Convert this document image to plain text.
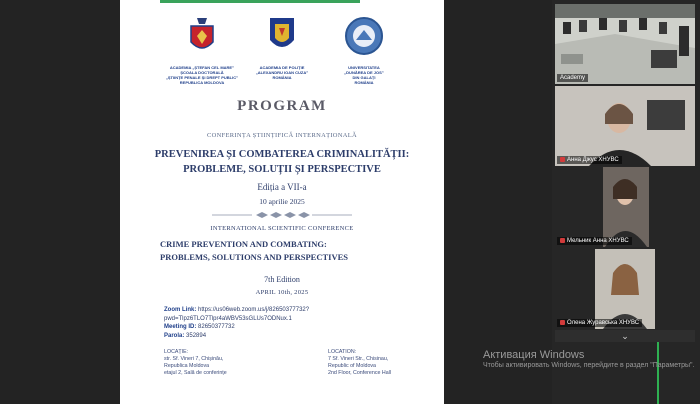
ACADEMIA „ȘTEFAN CEL MARE”
ȘCOALA DOCTORALĂ
„ȘTIINȚE PENALE ȘI DREPT PUBLIC”
REPUBLICA MOLDOVA
ACADEMIA DE POLIȚIE
„ALEXANDRU IOAN CUZA”
ROMÂNIA
UNIVERSITATEA
„DUNĂREA DE JOS”
DIN GALAȚI
ROMÂNIA
PROGRAM
CONFERINȚA ȘTIINȚIFICĂ INTERNAȚIONALĂ
PREVENIREA ȘI COMBATEREA CRIMINALITĂȚII:
PROBLEME, SOLUȚII ȘI PERSPECTIVE
Ediția a VII-a
10 aprilie 2025
INTERNATIONAL SCIENTIFIC CONFERENCE
CRIME PREVENTION AND COMBATING:
PROBLEMS, SOLUTIONS AND PERSPECTIVES
7th Edition
APRIL 10th, 2025
Zoom Link: https://us06web.zoom.us/j/82650377732?pwd=Tlpz6TLO7Tlpr4aWBV53sGLUs7ODNux.1
Meeting ID: 82650377732
Parola: 352894
LOCAȚIE:
str. Sf. Vineri 7, Chișinău,
Republica Moldova
etajul 2, Sală de conferințe
LOCATION:
7 Sf. Vineri Str., Chisinau,
Republic of Moldova
2nd Floor, Conference Hall
Academy
Анна Джус ХНУВС
Мельник Анна ХНУВС
Олена Журавська ХНУВС
⌄
Активация Windows
Чтобы активировать Windows, перейдите в раздел "Параметры".
